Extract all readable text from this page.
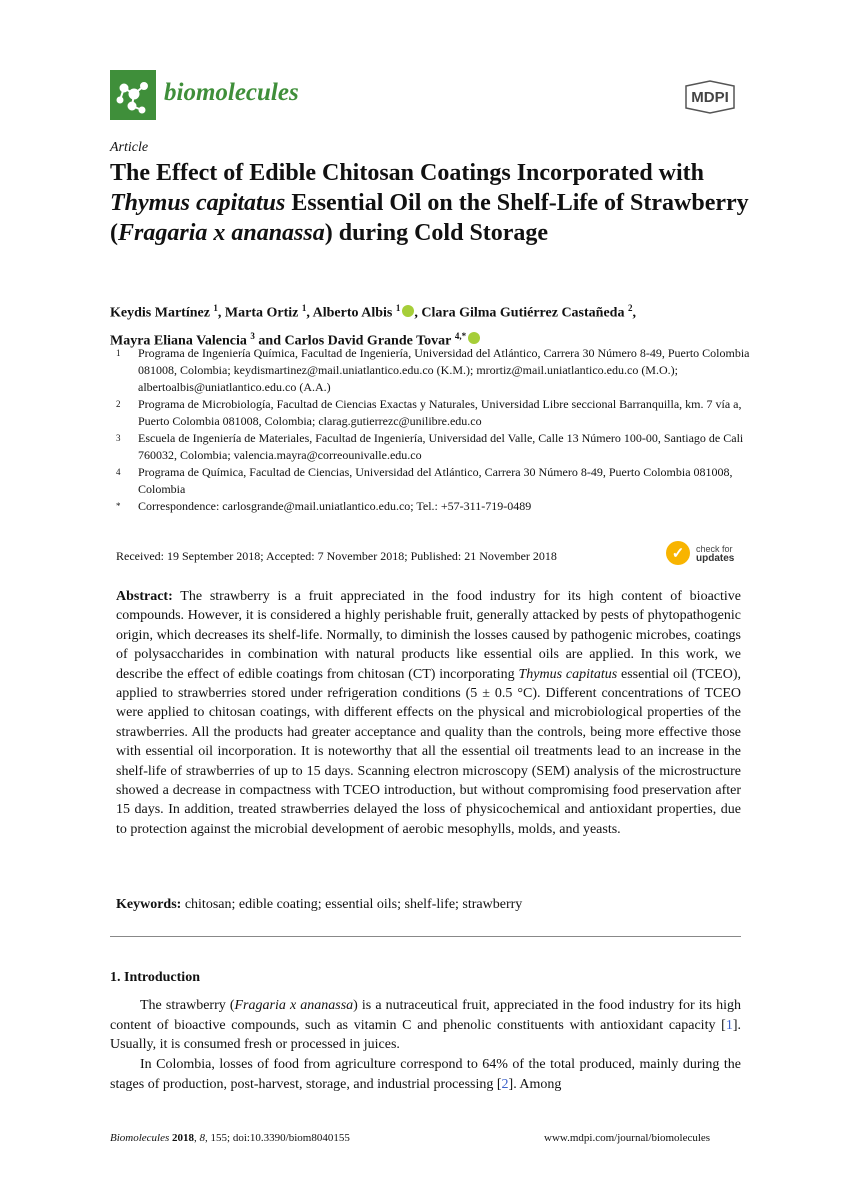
biomolecules	MDPI
Article
The Effect of Edible Chitosan Coatings Incorporated with Thymus capitatus Essential Oil on the Shelf-Life of Strawberry (Fragaria x ananassa) during Cold Storage
Keydis Martínez $^1$, Marta Ortiz $^1$, Alberto Albis $^1$ , Clara Gilma Gutiérrez Castañeda $^2$,
Mayra Eliana Valencia $^3$ and Carlos David Grande Tovar $^{4,*}$
1 Programa de Ingeniería Química, Facultad de Ingeniería, Universidad del Atlántico, Carrera 30 Número 8-49, Puerto Colombia 081008, Colombia; keydismartinez@mail.uniatlantico.edu.co (K.M.); mrortiz@mail.uniatlantico.edu.co (M.O.); albertoalbis@uniatlantico.edu.co (A.A.)
2 Programa de Microbiología, Facultad de Ciencias Exactas y Naturales, Universidad Libre seccional Barranquilla, km. 7 vía a, Puerto Colombia 081008, Colombia; clarag.gutierrezc@unilibre.edu.co
3 Escuela de Ingeniería de Materiales, Facultad de Ingeniería, Universidad del Valle, Calle 13 Número 100-00, Santiago de Cali 760032, Colombia; valencia.mayra@correounivalle.edu.co
4 Programa de Química, Facultad de Ciencias, Universidad del Atlántico, Carrera 30 Número 8-49, Puerto Colombia 081008, Colombia
* Correspondence: carlosgrande@mail.uniatlantico.edu.co; Tel.: +57-311-719-0489
Received: 19 September 2018; Accepted: 7 November 2018; Published: 21 November 2018	✓	check for
updates
Abstract: The strawberry is a fruit appreciated in the food industry for its high content of bioactive compounds. However, it is considered a highly perishable fruit, generally attacked by pests of phytopathogenic origin, which decreases its shelf-life. Normally, to diminish the losses caused by pathogenic microbes, coatings of polysaccharides in combination with natural products like essential oils are applied. In this work, we describe the effect of edible coatings from chitosan (CT) incorporating Thymus capitatus essential oil (TCEO), applied to strawberries stored under refrigeration conditions (5 ± 0.5 °C). Different concentrations of TCEO were applied to chitosan coatings, with different effects on the physical and microbiological properties of the strawberries. All the products had greater acceptance and quality than the controls, being more effective those with essential oil incorporation. It is noteworthy that all the essential oil treatments lead to an increase in the shelf-life of strawberries of up to 15 days. Scanning electron microscopy (SEM) analysis of the microstructure showed a decrease in compactness with TCEO introduction, but without compromising food preservation after 15 days. In addition, treated strawberries delayed the loss of physicochemical and antioxidant properties, due to protection against the microbial development of aerobic mesophylls, molds, and yeasts.
Keywords: chitosan; edible coating; essential oils; shelf-life; strawberry
1. Introduction
The strawberry (Fragaria x ananassa) is a nutraceutical fruit, appreciated in the food industry for its high content of bioactive compounds, such as vitamin C and phenolic constituents with antioxidant capacity [1]. Usually, it is consumed fresh or processed in juices.
In Colombia, losses of food from agriculture correspond to 64% of the total produced, mainly during the stages of production, post-harvest, storage, and industrial processing [2]. Among
Biomolecules 2018, 8, 155; doi:10.3390/biom8040155	www.mdpi.com/journal/biomolecules
